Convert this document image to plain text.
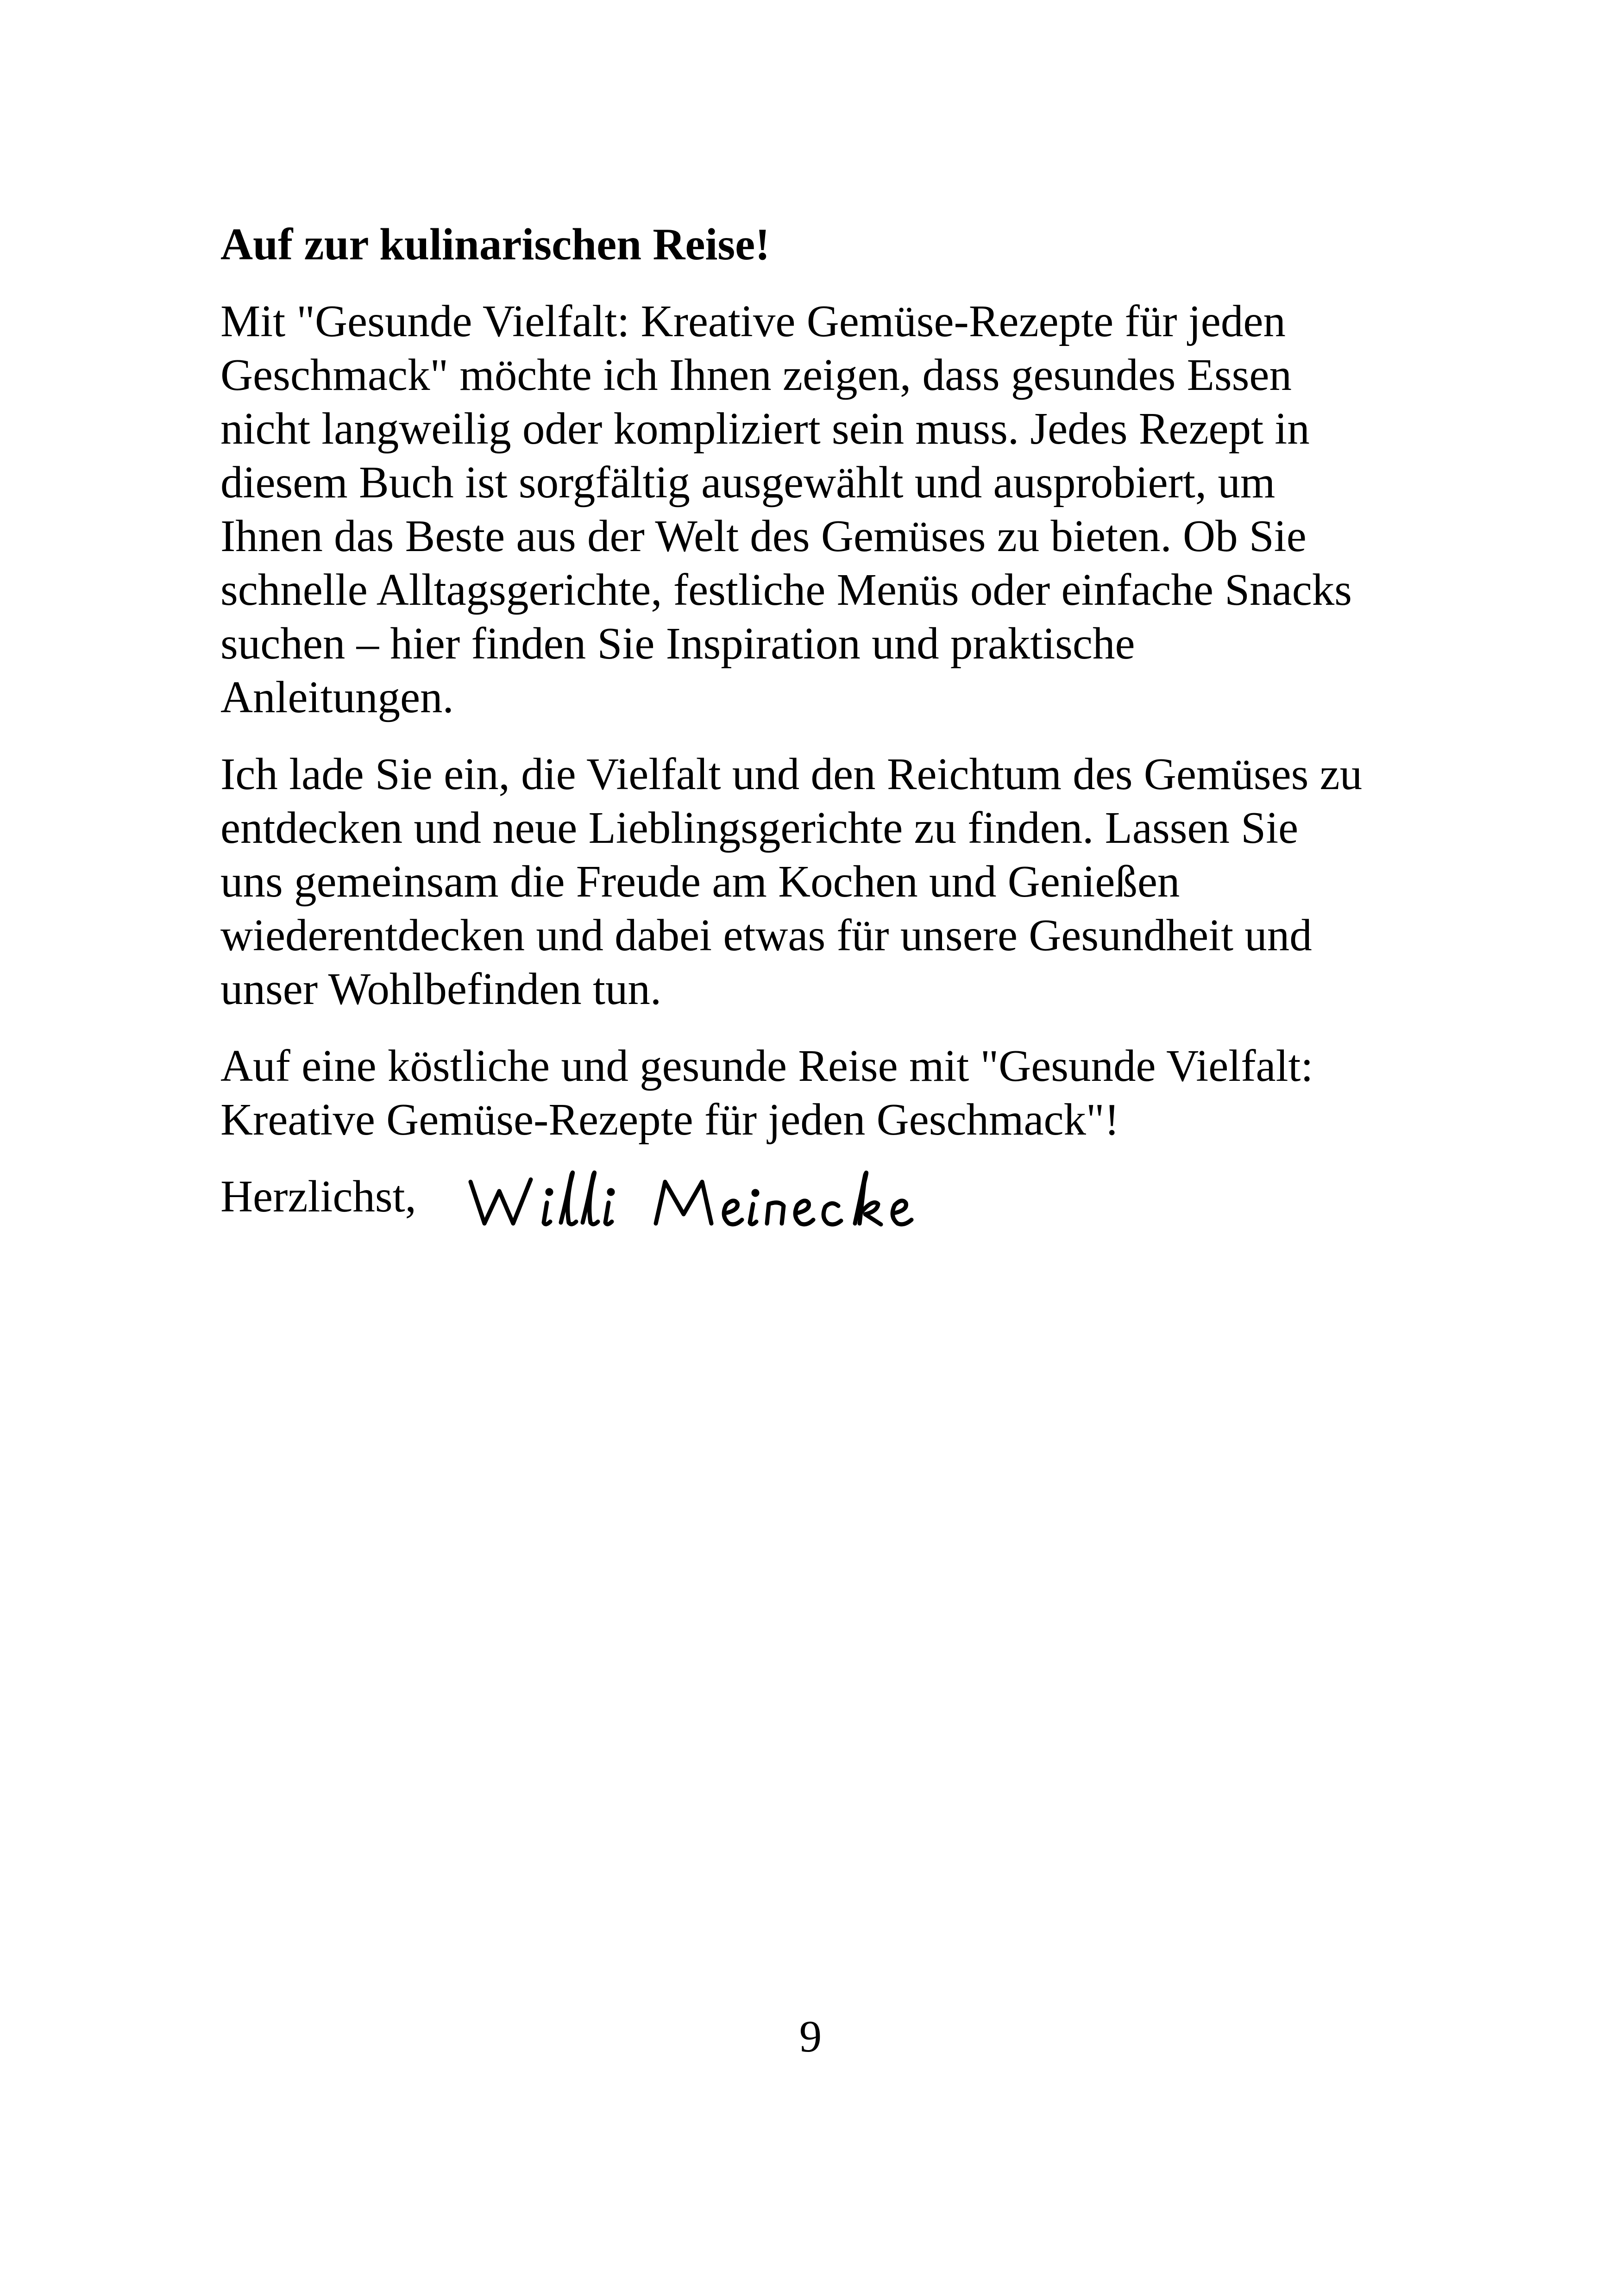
Auf zur kulinarischen Reise!
Mit "Gesunde Vielfalt: Kreative Gemüse-Rezepte für jeden
Geschmack" möchte ich Ihnen zeigen, dass gesundes Essen
nicht langweilig oder kompliziert sein muss. Jedes Rezept in
diesem Buch ist sorgfältig ausgewählt und ausprobiert, um
Ihnen das Beste aus der Welt des Gemüses zu bieten. Ob Sie
schnelle Alltagsgerichte, festliche Menüs oder einfache Snacks
suchen – hier finden Sie Inspiration und praktische
Anleitungen.
Ich lade Sie ein, die Vielfalt und den Reichtum des Gemüses zu
entdecken und neue Lieblingsgerichte zu finden. Lassen Sie
uns gemeinsam die Freude am Kochen und Genießen
wiederentdecken und dabei etwas für unsere Gesundheit und
unser Wohlbefinden tun.
Auf eine köstliche und gesunde Reise mit "Gesunde Vielfalt:
Kreative Gemüse-Rezepte für jeden Geschmack"!
Herzlichst,
9
